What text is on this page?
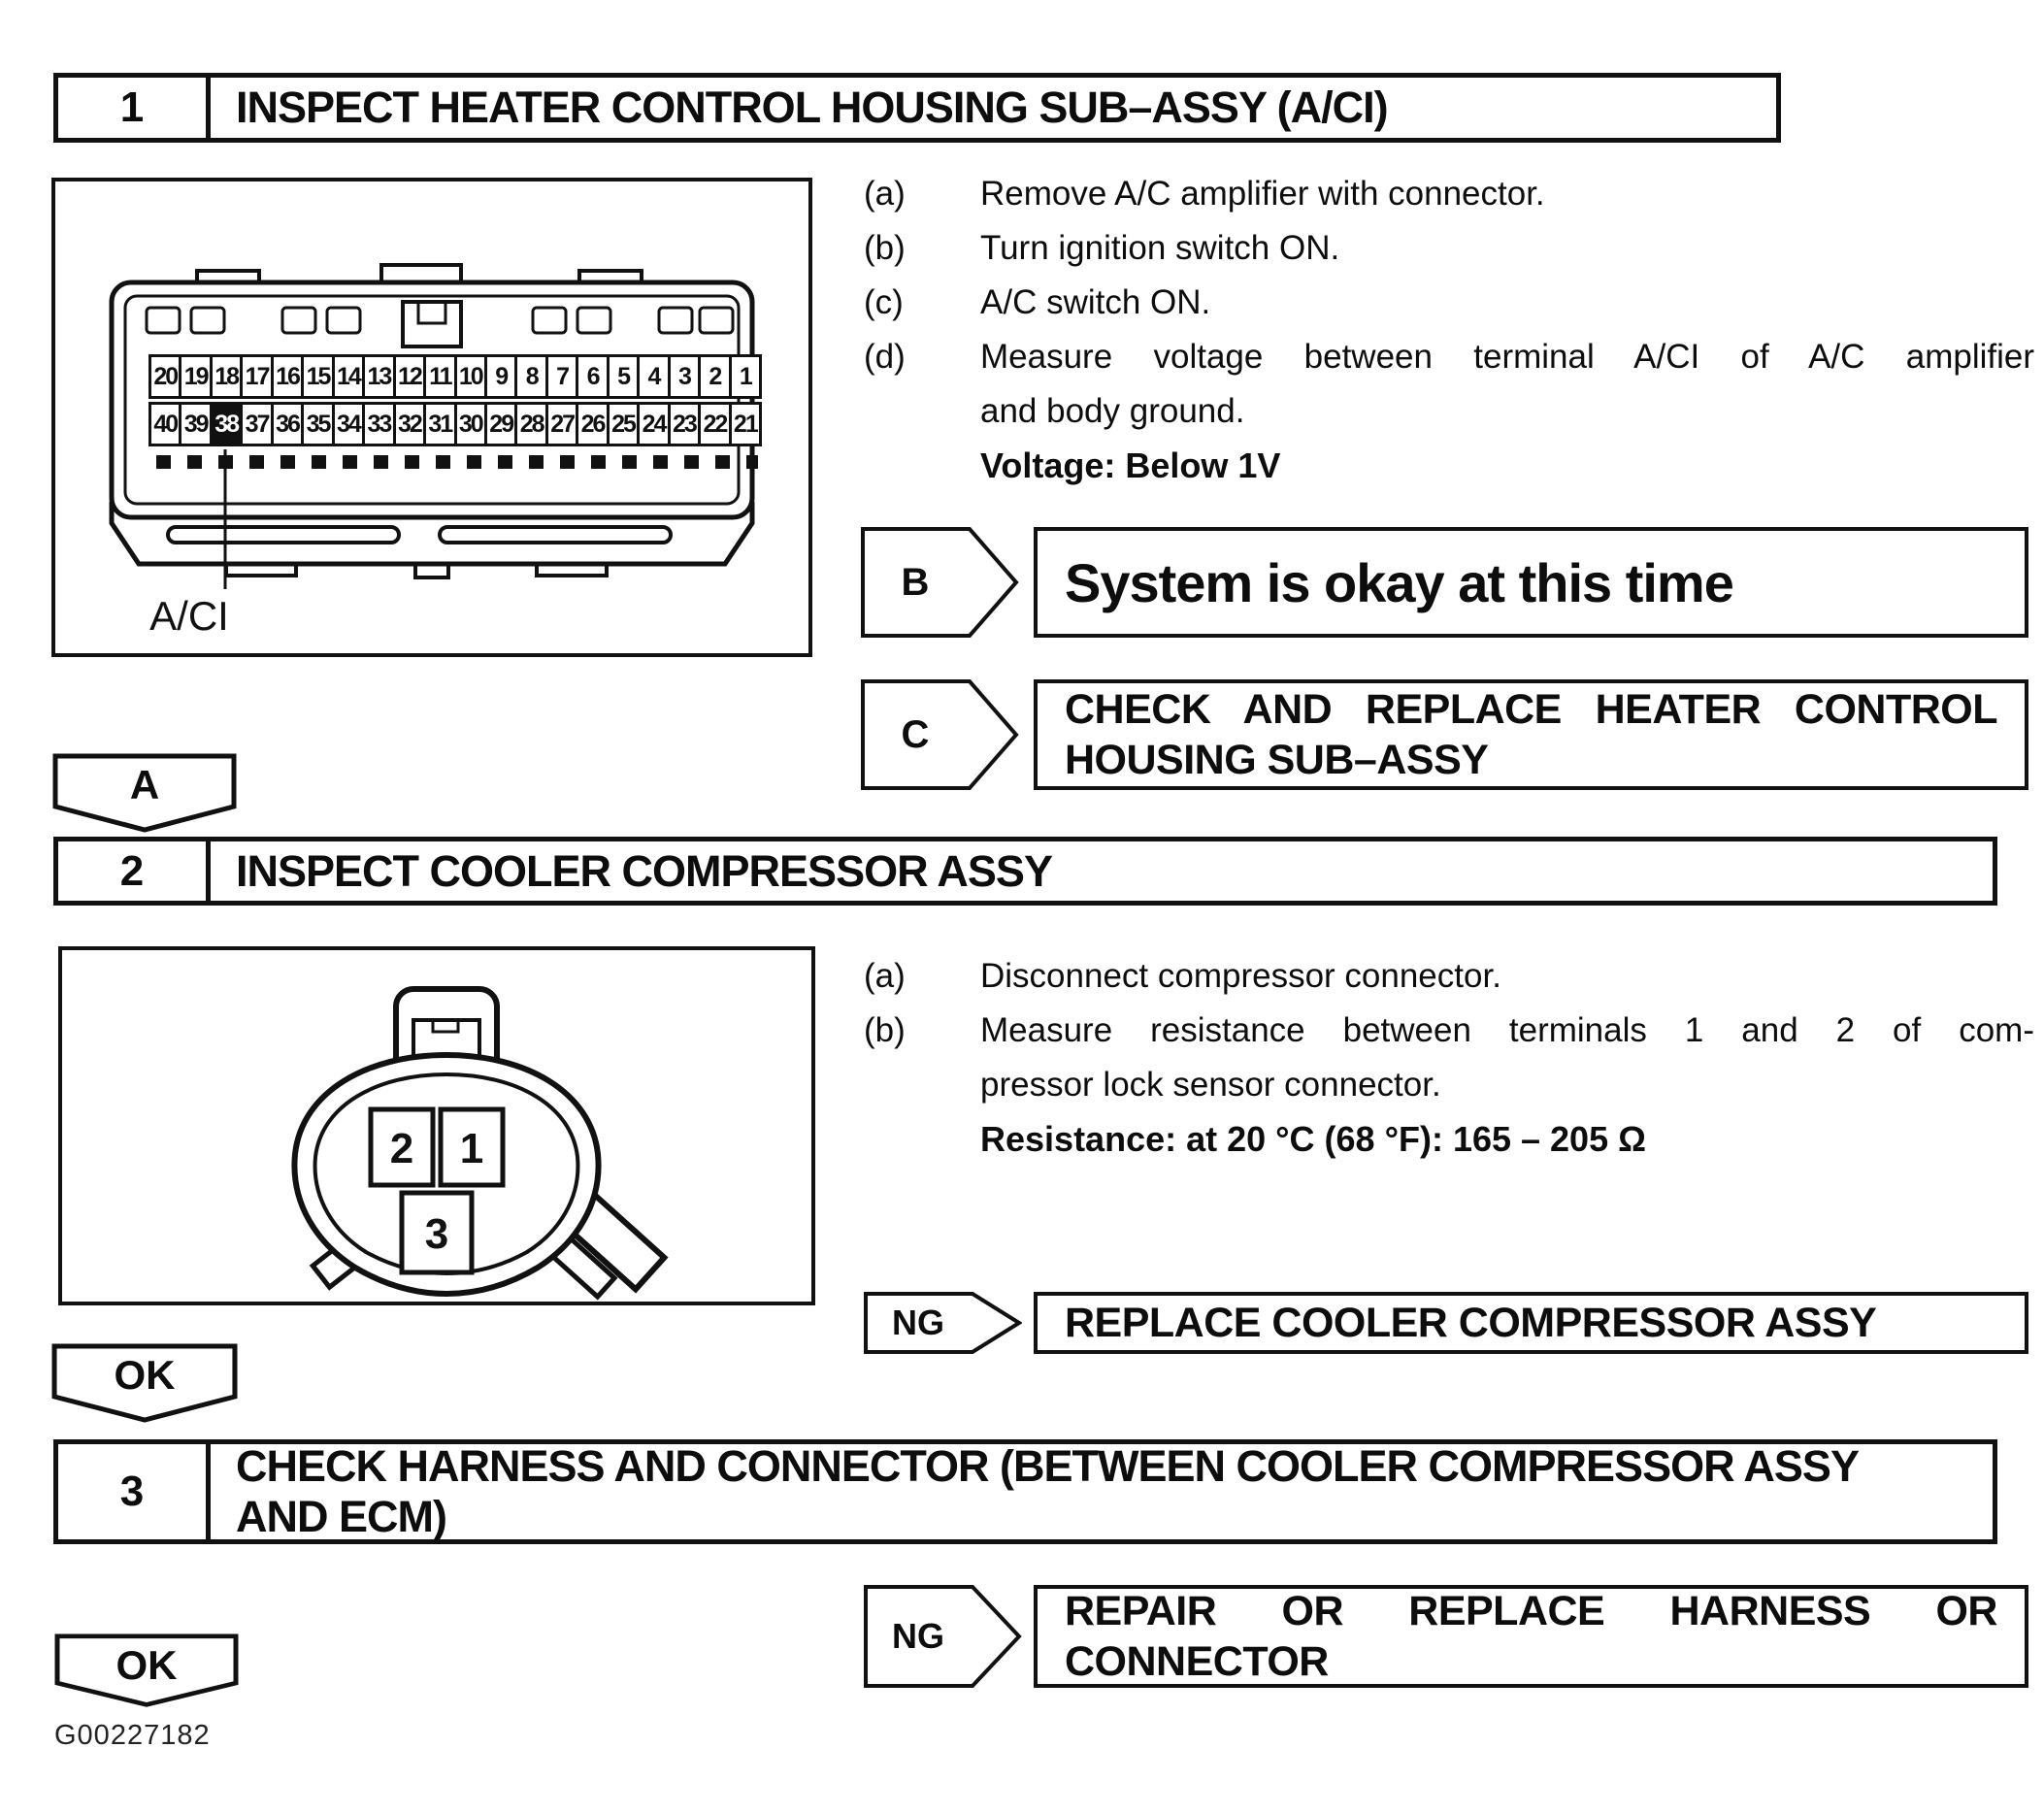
1	INSPECT HEATER CONTROL HOUSING SUB–ASSY (A/CI)
A/CI
20 19 18 17 16 15 14 13 12 11 10 9 8 7 6 5 4 3 2 1
40 39 38 37 36 35 34 33 32 31 30 29 28 27 26 25 24 23 22 21
(a)	Remove A/C amplifier with connector.
(b)	Turn ignition switch ON.
(c)	A/C switch ON.
(d)	Measure voltage between terminal A/CI of A/C amplifier
and body ground.
Voltage: Below 1V
B	System is okay at this time
C
CHECK AND REPLACE HEATER CONTROL
HOUSING SUB–ASSY
A
2	INSPECT COOLER COMPRESSOR ASSY
2 1
3
(a)	Disconnect compressor connector.
(b)	Measure resistance between terminals 1 and 2 of com-
pressor lock sensor connector.
Resistance: at 20 °C (68 °F): 165 – 205 Ω
NG	REPLACE COOLER COMPRESSOR ASSY
OK
3
CHECK HARNESS AND CONNECTOR (BETWEEN COOLER COMPRESSOR ASSY
AND ECM)
NG
REPAIR OR REPLACE HARNESS OR
CONNECTOR
OK
G00227182
